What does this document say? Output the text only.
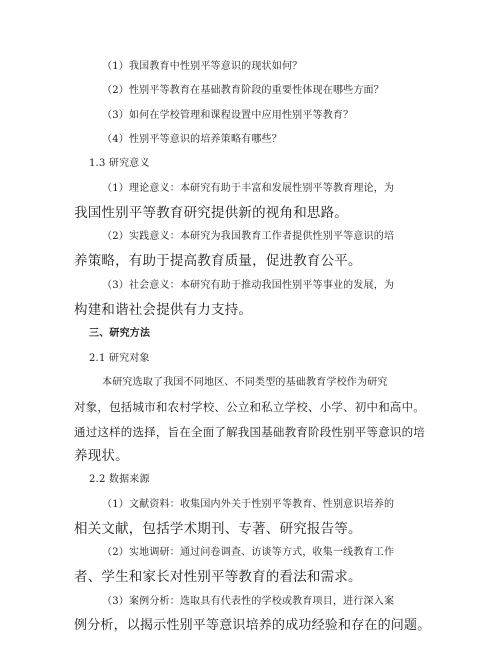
（1）我国教育中性别平等意识的现状如何？
（2）性别平等教育在基础教育阶段的重要性体现在哪些方面？
（3）如何在学校管理和课程设置中应用性别平等教育？
（4）性别平等意识的培养策略有哪些？
1.3 研究意义
（1）理论意义：本研究有助于丰富和发展性别平等教育理论，为
我国性别平等教育研究提供新的视角和思路。
（2）实践意义：本研究为我国教育工作者提供性别平等意识的培
养策略，有助于提高教育质量，促进教育公平。
（3）社会意义：本研究有助于推动我国性别平等事业的发展，为
构建和谐社会提供有力支持。
三、研究方法
2.1 研究对象
本研究选取了我国不同地区、不同类型的基础教育学校作为研究
对象，包括城市和农村学校、公立和私立学校、小学、初中和高中。
通过这样的选择，旨在全面了解我国基础教育阶段性别平等意识的培
养现状。
2.2 数据来源
（1）文献资料：收集国内外关于性别平等教育、性别意识培养的
相关文献，包括学术期刊、专著、研究报告等。
（2）实地调研：通过问卷调查、访谈等方式，收集一线教育工作
者、学生和家长对性别平等教育的看法和需求。
（3）案例分析：选取具有代表性的学校或教育项目，进行深入案
例分析，以揭示性别平等意识培养的成功经验和存在的问题。
